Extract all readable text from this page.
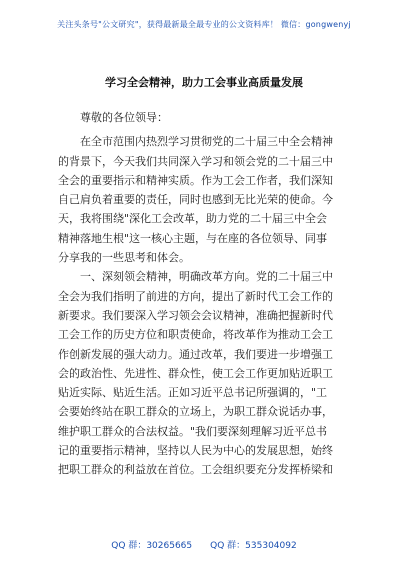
关注头条号"公文研究"，获得最新最全最专业的公文资料库！ 微信：gongwenyj
学习全会精神，助力工会事业高质量发展
尊敬的各位领导：
　　在全市范围内热烈学习贯彻党的二十届三中全会精神
的背景下，今天我们共同深入学习和领会党的二十届三中
全会的重要指示和精神实质。作为工会工作者，我们深知
自己肩负着重要的责任，同时也感到无比光荣的使命。今
天，我将围绕"深化工会改革，助力党的二十届三中全会
精神落地生根"这一核心主题，与在座的各位领导、同事
分享我的一些思考和体会。
　　一、深刻领会精神，明确改革方向。党的二十届三中
全会为我们指明了前进的方向，提出了新时代工会工作的
新要求。我们要深入学习领会会议精神，准确把握新时代
工会工作的历史方位和职责使命，将改革作为推动工会工
作创新发展的强大动力。通过改革，我们要进一步增强工
会的政治性、先进性、群众性，使工会工作更加贴近职工
贴近实际、贴近生活。正如习近平总书记所强调的，"工
会要始终站在职工群众的立场上，为职工群众说话办事，
维护职工群众的合法权益。"我们要深刻理解习近平总书
记的重要指示精神，坚持以人民为中心的发展思想，始终
把职工群众的利益放在首位。工会组织要充分发挥桥梁和
QQ 群：30265665　　QQ 群：535304092
